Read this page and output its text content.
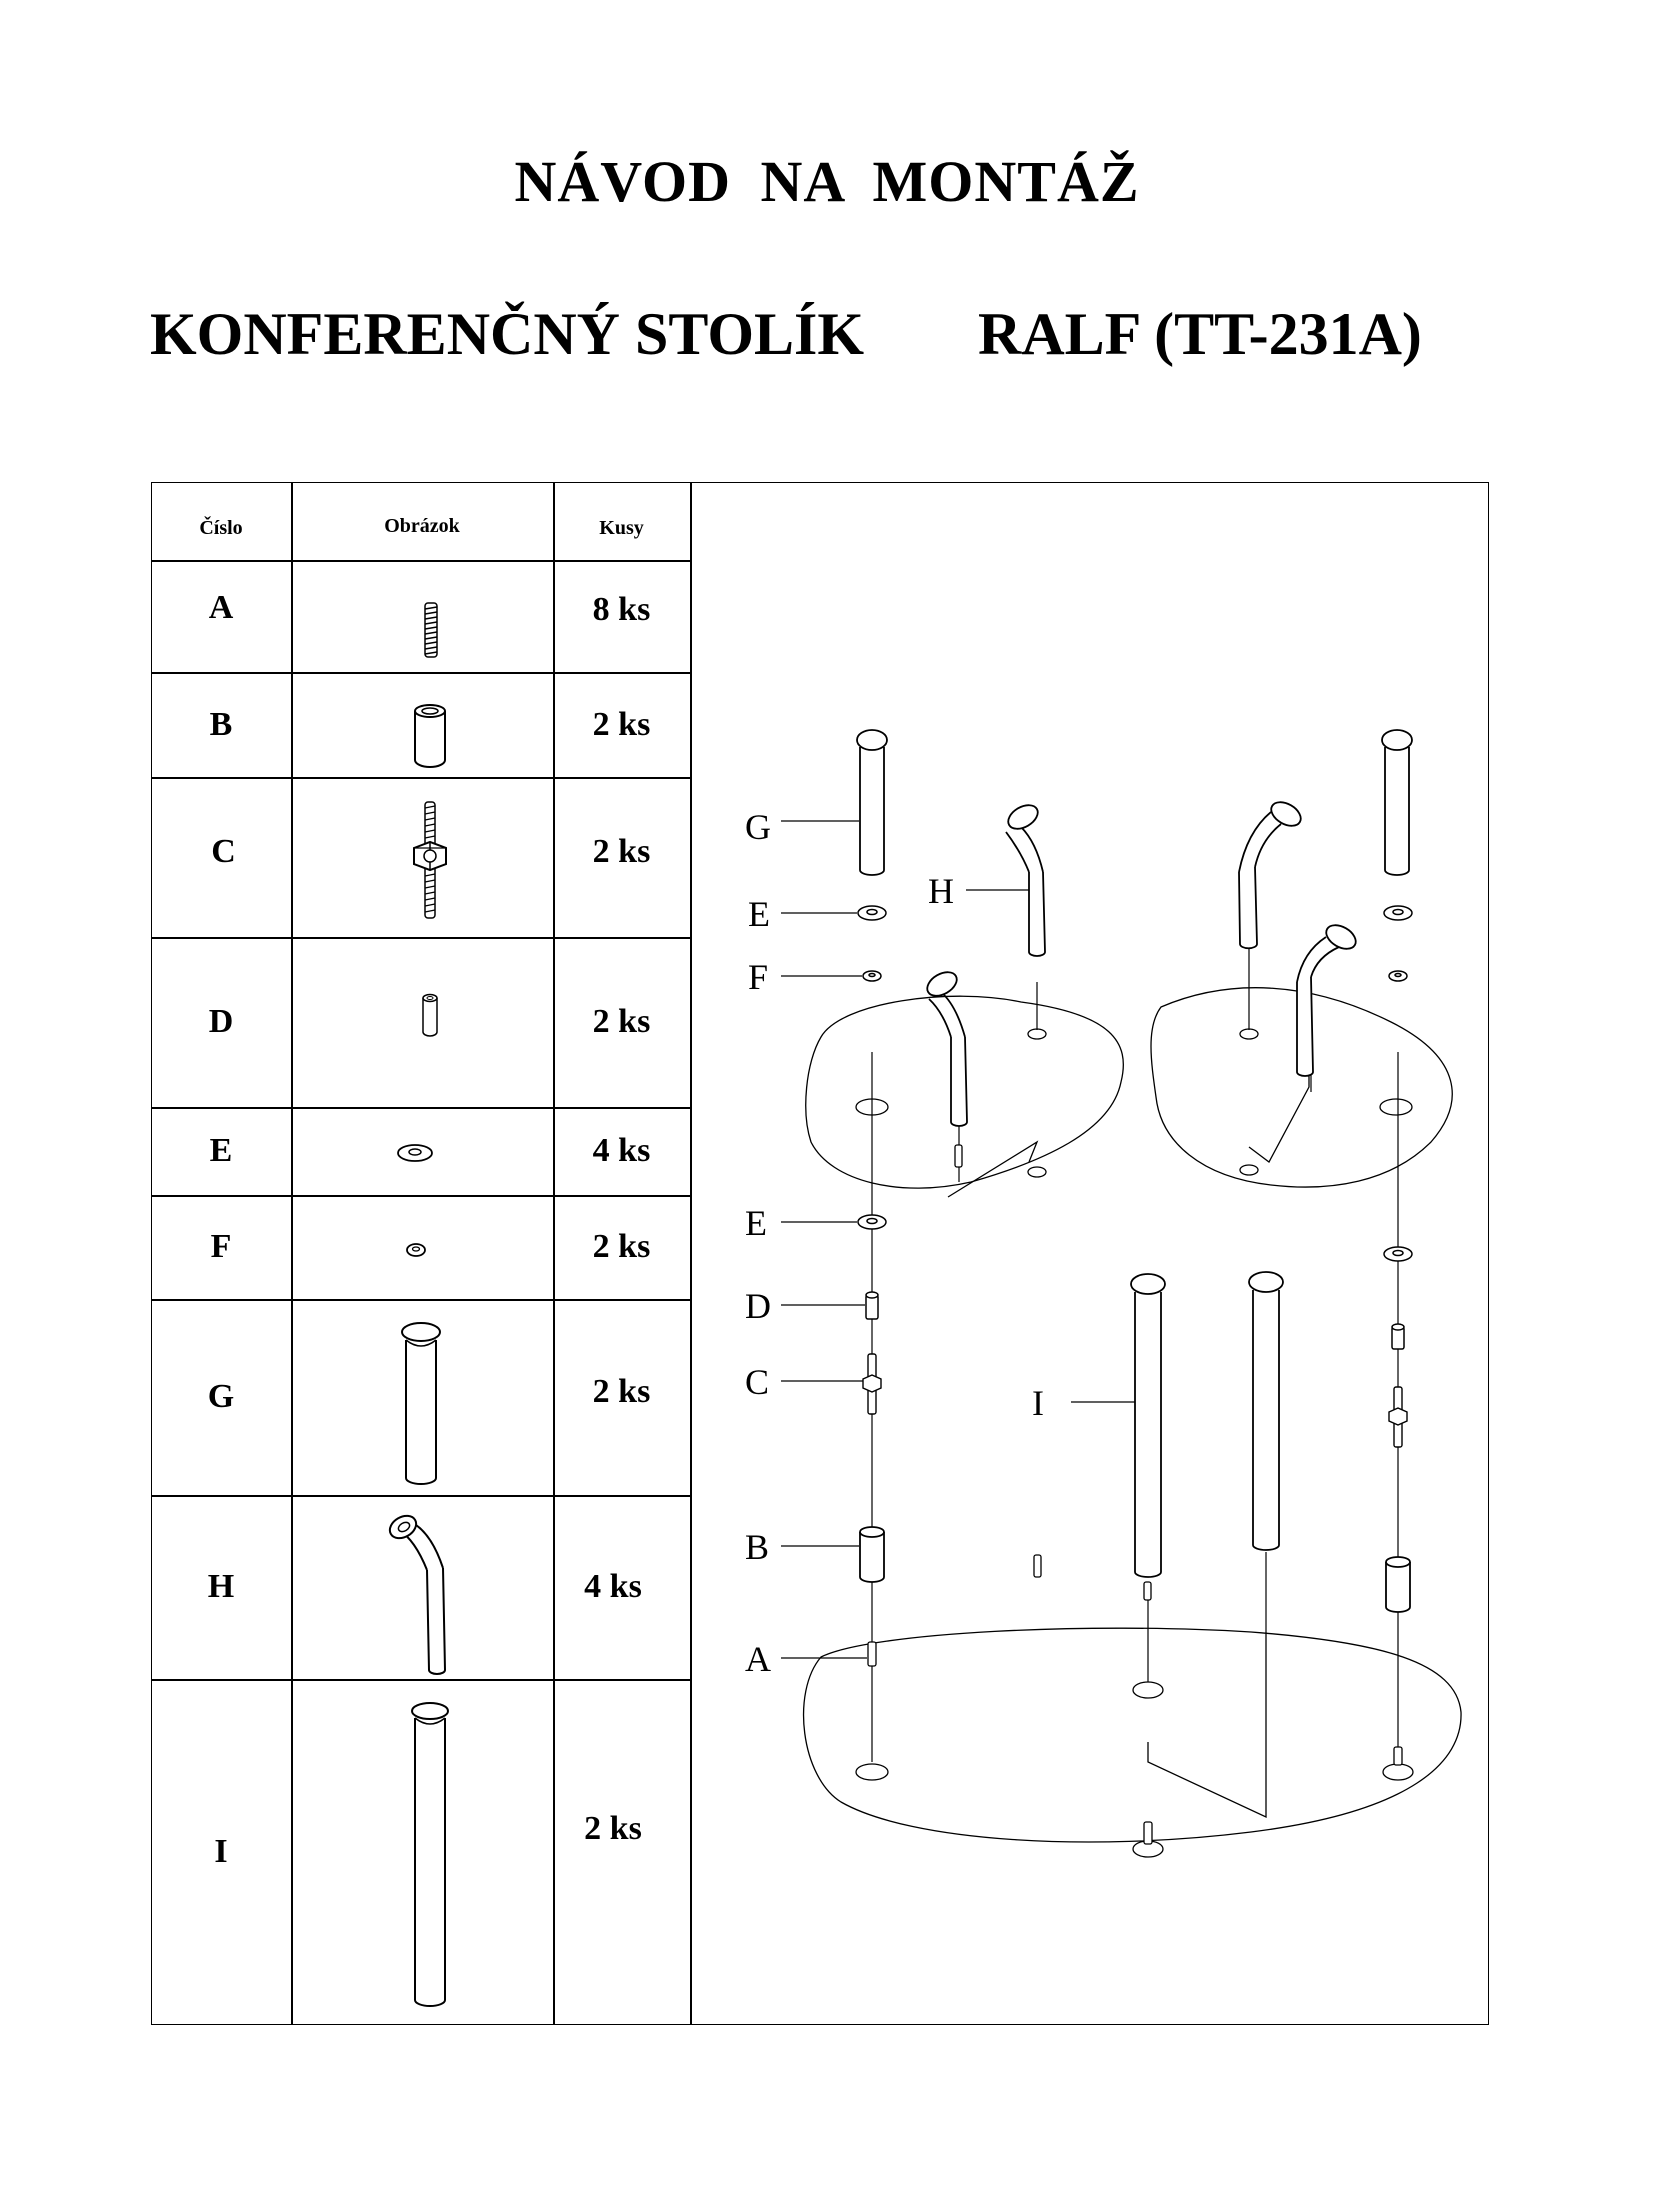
NÁVOD NA MONTÁŽ
KONFERENČNÝ STOLÍK RALF (TT-231A)
Číslo	Obrázok	Kusy
A
B
C
D
E
F
G
H
I
8 ks
2 ks
2 ks
2 ks
4 ks
2 ks
2 ks
4 ks
2 ks
G
H
E
F
E
D
C
B
A
I
